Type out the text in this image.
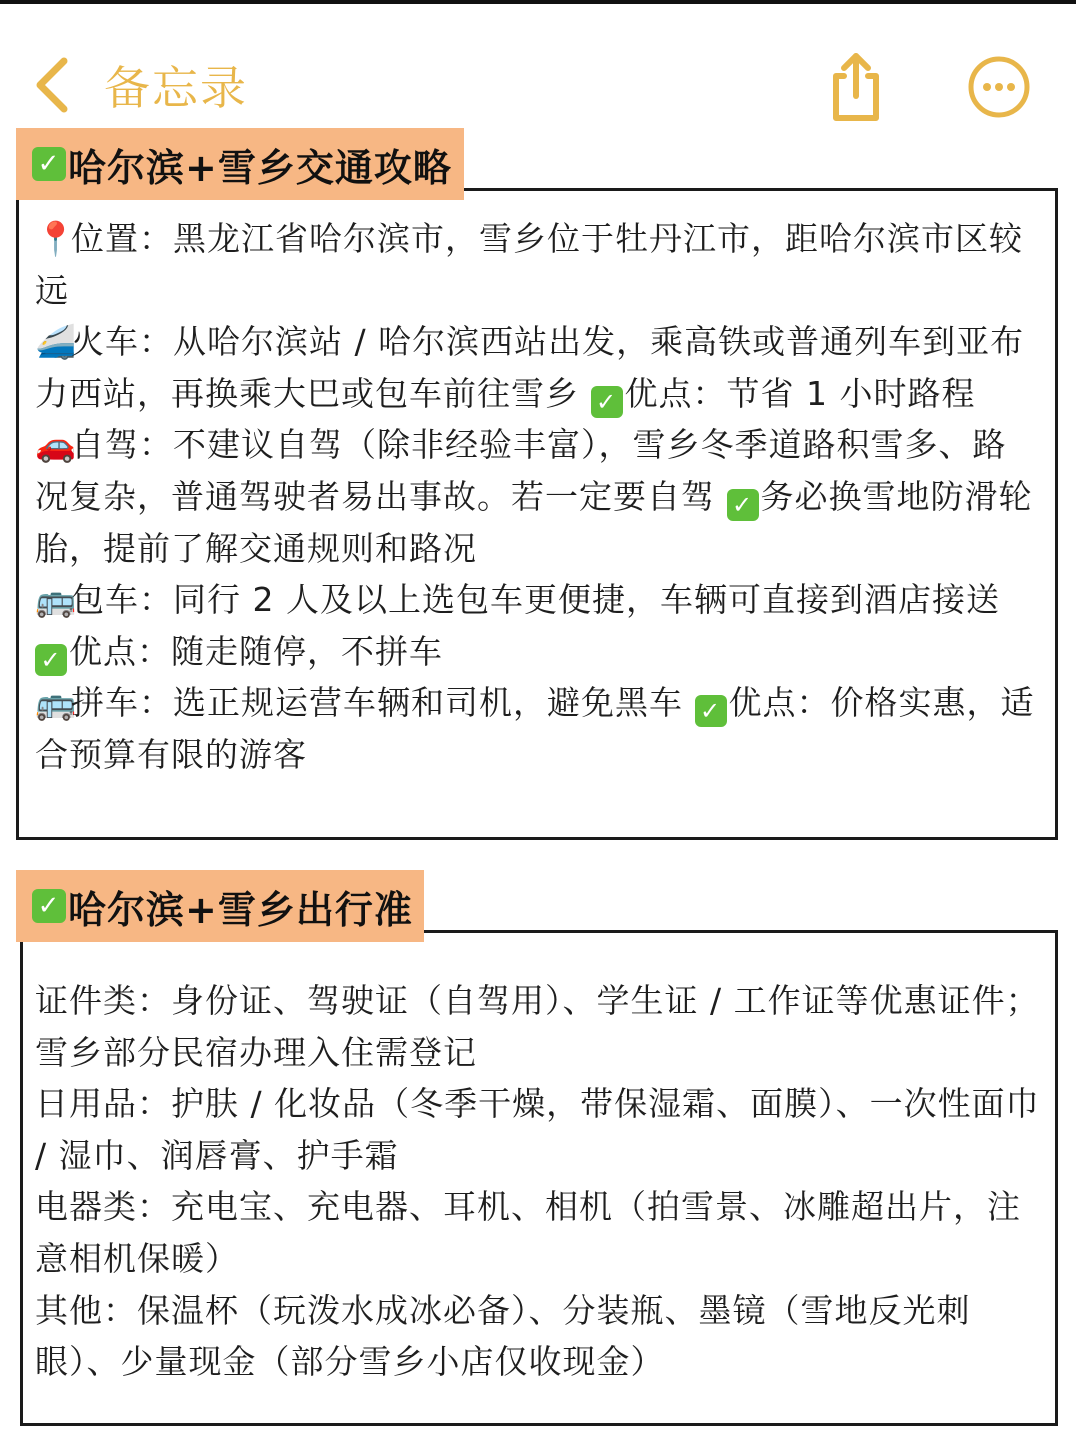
备忘录

📍位置：黑龙江省哈尔滨市，雪乡位于牡丹江市，距哈尔滨市区较远

🚄火车：从哈尔滨站 / 哈尔滨西站出发，乘高铁或普通列车到亚布力西站，再换乘大巴或包车前往雪乡 ✓ 优点：节省 1 小时路程

🚗自驾：不建议自驾（除非经验丰富），雪乡冬季道路积雪多、路况复杂，普通驾驶者易出事故。若一定要自驾 ✓ 务必换雪地防滑轮胎，提前了解交通规则和路况

🚌包车：同行 2 人及以上选包车更便捷，车辆可直接到酒店接送 ✓ 优点：随走随停，不拼车

🚌拼车：选正规运营车辆和司机，避免黑车 ✓ 优点：价格实惠，适合预算有限的游客

✓ 哈尔滨+雪乡交通攻略

证件类：身份证、驾驶证（自驾用）、学生证 / 工作证等优惠证件；雪乡部分民宿办理入住需登记

日用品：护肤 / 化妆品（冬季干燥，带保湿霜、面膜）、一次性面巾 / 湿巾、润唇膏、护手霜

电器类：充电宝、充电器、耳机、相机（拍雪景、冰雕超出片，注意相机保暖）

其他：保温杯（玩泼水成冰必备）、分装瓶、墨镜（雪地反光刺眼）、少量现金（部分雪乡小店仅收现金）

✓ 哈尔滨+雪乡出行准
